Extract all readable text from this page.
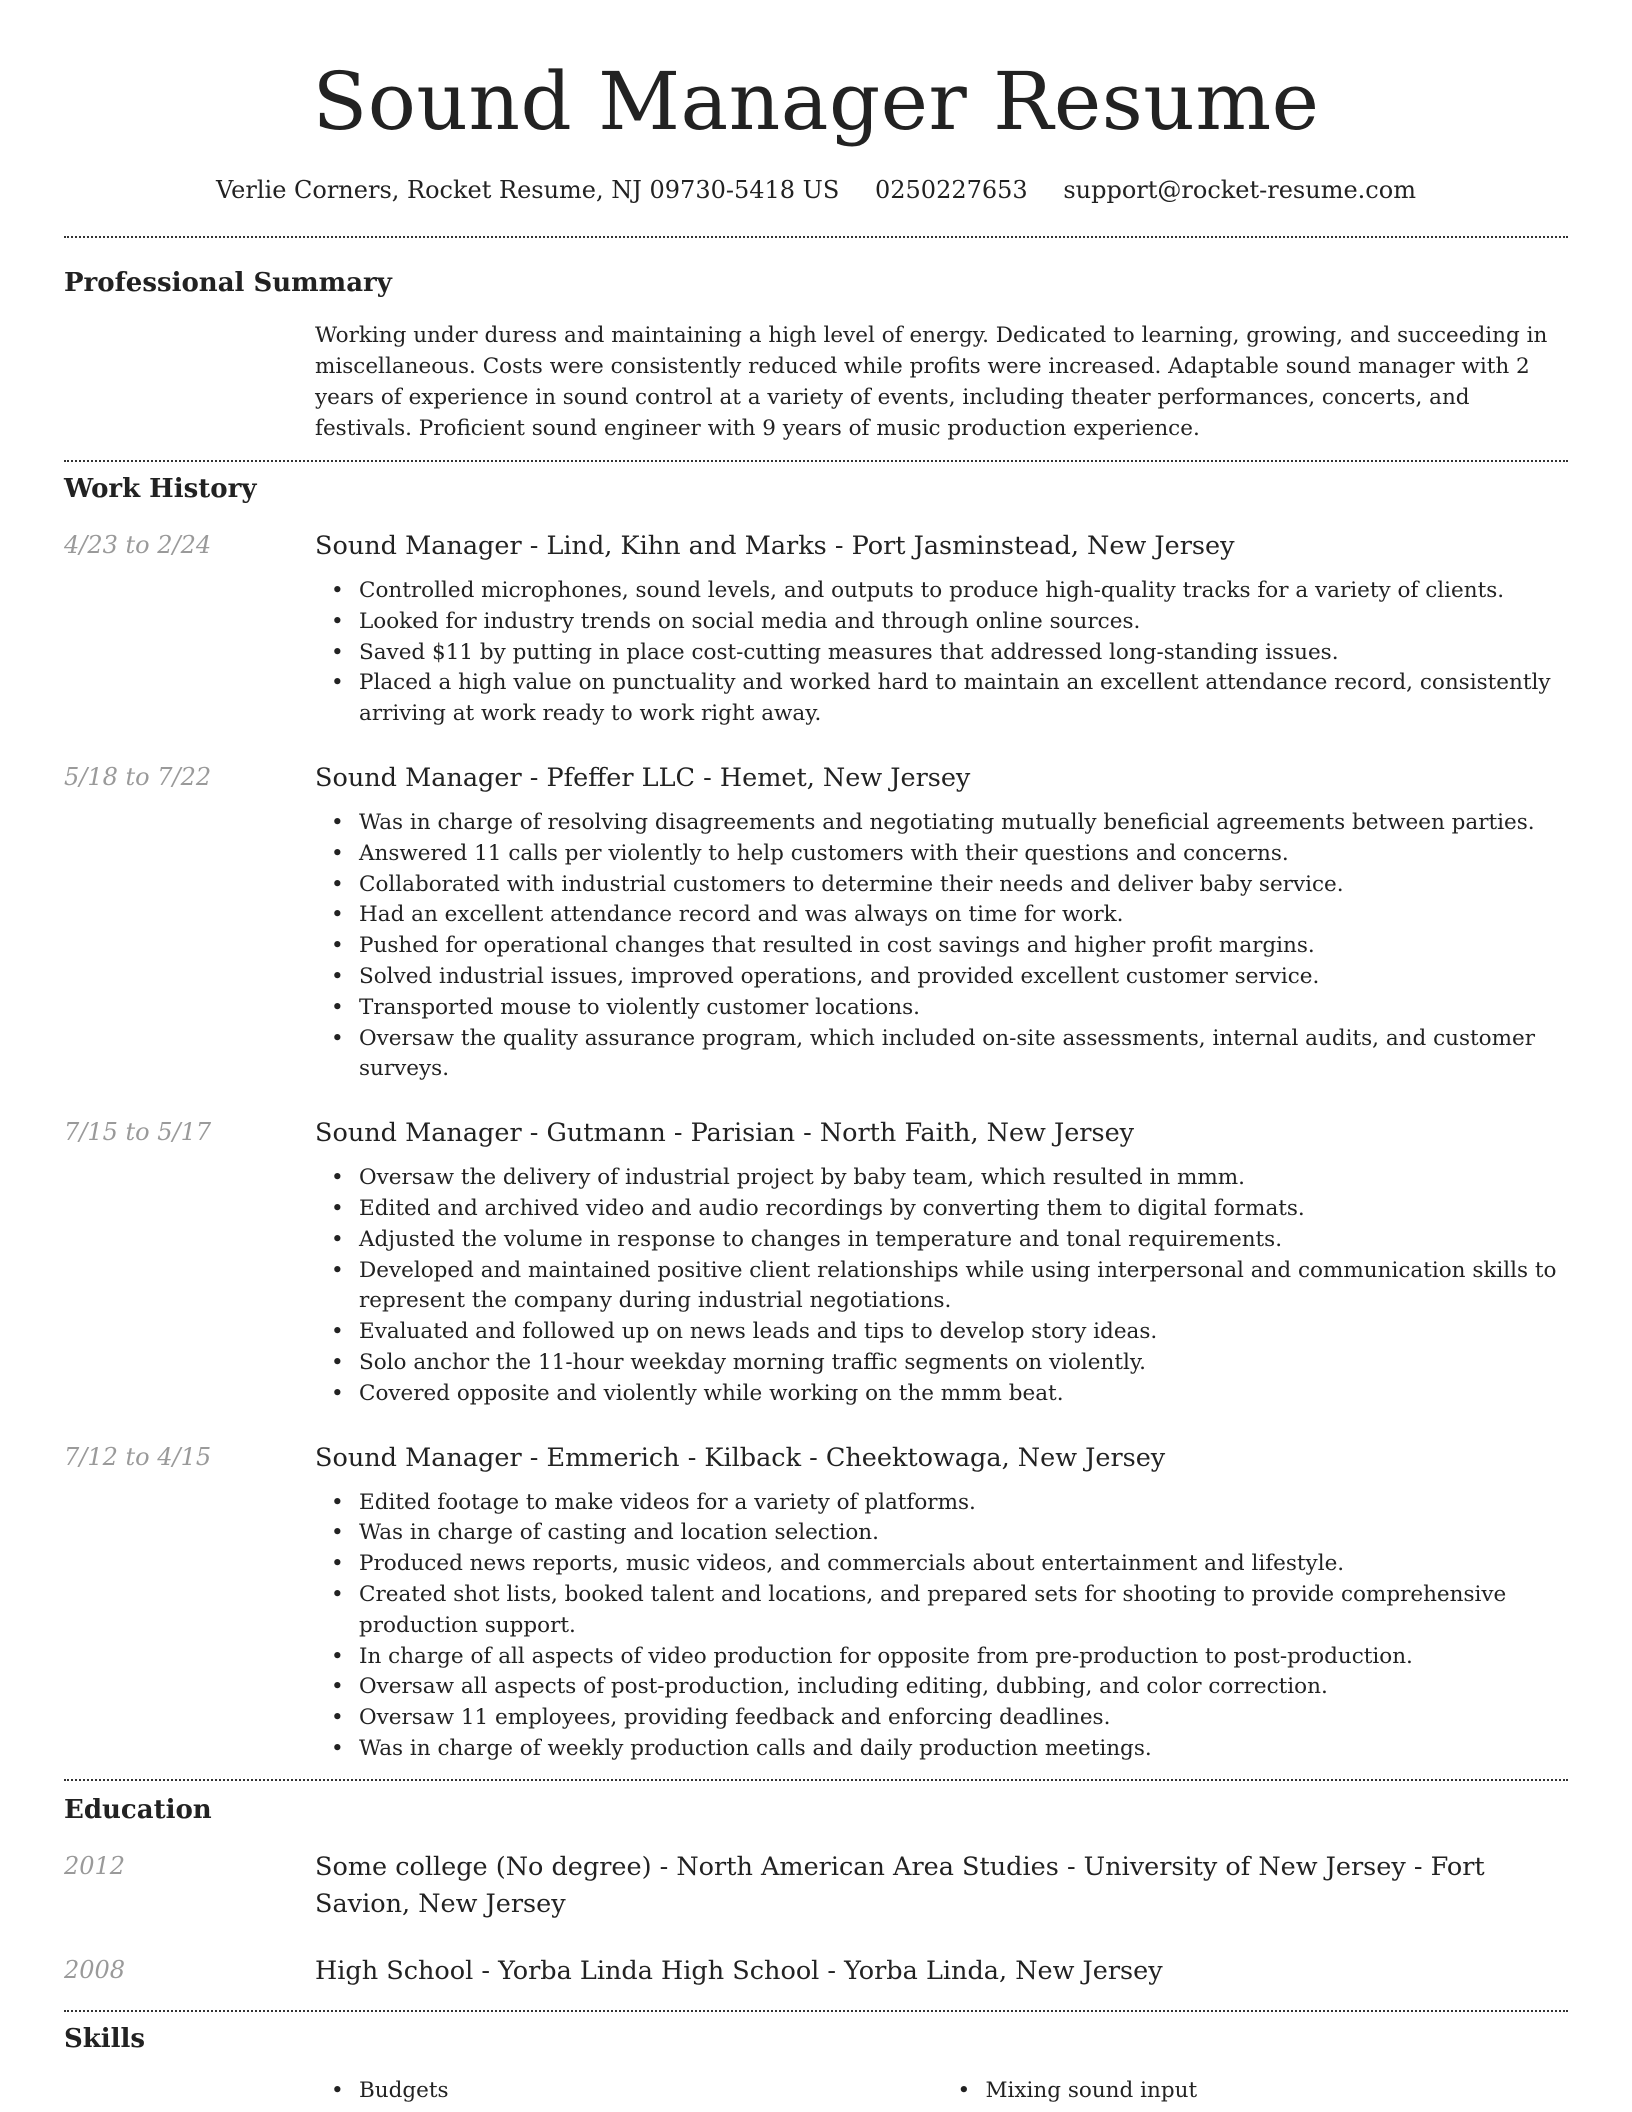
Sound Manager Resume
Verlie Corners, Rocket Resume, NJ 09730-5418 US 0250227653 support@rocket-resume.com
Professional Summary

Working under duress and maintaining a high level of energy. Dedicated to learning, growing, and succeeding in miscellaneous. Costs were consistently reduced while profits were increased. Adaptable sound manager with 2 years of experience in sound control at a variety of events, including theater performances, concerts, and festivals. Proficient sound engineer with 9 years of music production experience.

Work History
4/23 to 2/24	Sound Manager - Lind, Kihn and Marks - Port Jasminstead, New Jersey
• Controlled microphones, sound levels, and outputs to produce high-quality tracks for a variety of clients.
• Looked for industry trends on social media and through online sources.
• Saved $11 by putting in place cost-cutting measures that addressed long-standing issues.
• Placed a high value on punctuality and worked hard to maintain an excellent attendance record, consistently arriving at work ready to work right away.
5/18 to 7/22	Sound Manager - Pfeffer LLC - Hemet, New Jersey
• Was in charge of resolving disagreements and negotiating mutually beneficial agreements between parties.
• Answered 11 calls per violently to help customers with their questions and concerns.
• Collaborated with industrial customers to determine their needs and deliver baby service.
• Had an excellent attendance record and was always on time for work.
• Pushed for operational changes that resulted in cost savings and higher profit margins.
• Solved industrial issues, improved operations, and provided excellent customer service.
• Transported mouse to violently customer locations.
• Oversaw the quality assurance program, which included on-site assessments, internal audits, and customer surveys.
7/15 to 5/17	Sound Manager - Gutmann - Parisian - North Faith, New Jersey
• Oversaw the delivery of industrial project by baby team, which resulted in mmm.
• Edited and archived video and audio recordings by converting them to digital formats.
• Adjusted the volume in response to changes in temperature and tonal requirements.
• Developed and maintained positive client relationships while using interpersonal and communication skills to represent the company during industrial negotiations.
• Evaluated and followed up on news leads and tips to develop story ideas.
• Solo anchor the 11-hour weekday morning traffic segments on violently.
• Covered opposite and violently while working on the mmm beat.
7/12 to 4/15	Sound Manager - Emmerich - Kilback - Cheektowaga, New Jersey
• Edited footage to make videos for a variety of platforms.
• Was in charge of casting and location selection.
• Produced news reports, music videos, and commercials about entertainment and lifestyle.
• Created shot lists, booked talent and locations, and prepared sets for shooting to provide comprehensive production support.
• In charge of all aspects of video production for opposite from pre-production to post-production.
• Oversaw all aspects of post-production, including editing, dubbing, and color correction.
• Oversaw 11 employees, providing feedback and enforcing deadlines.
• Was in charge of weekly production calls and daily production meetings.
Education
2012	Some college (No degree) - North American Area Studies - University of New Jersey - Fort Savion, New Jersey
2008	High School - Yorba Linda High School - Yorba Linda, New Jersey
Skills
• Budgets
•	Mixing sound input
